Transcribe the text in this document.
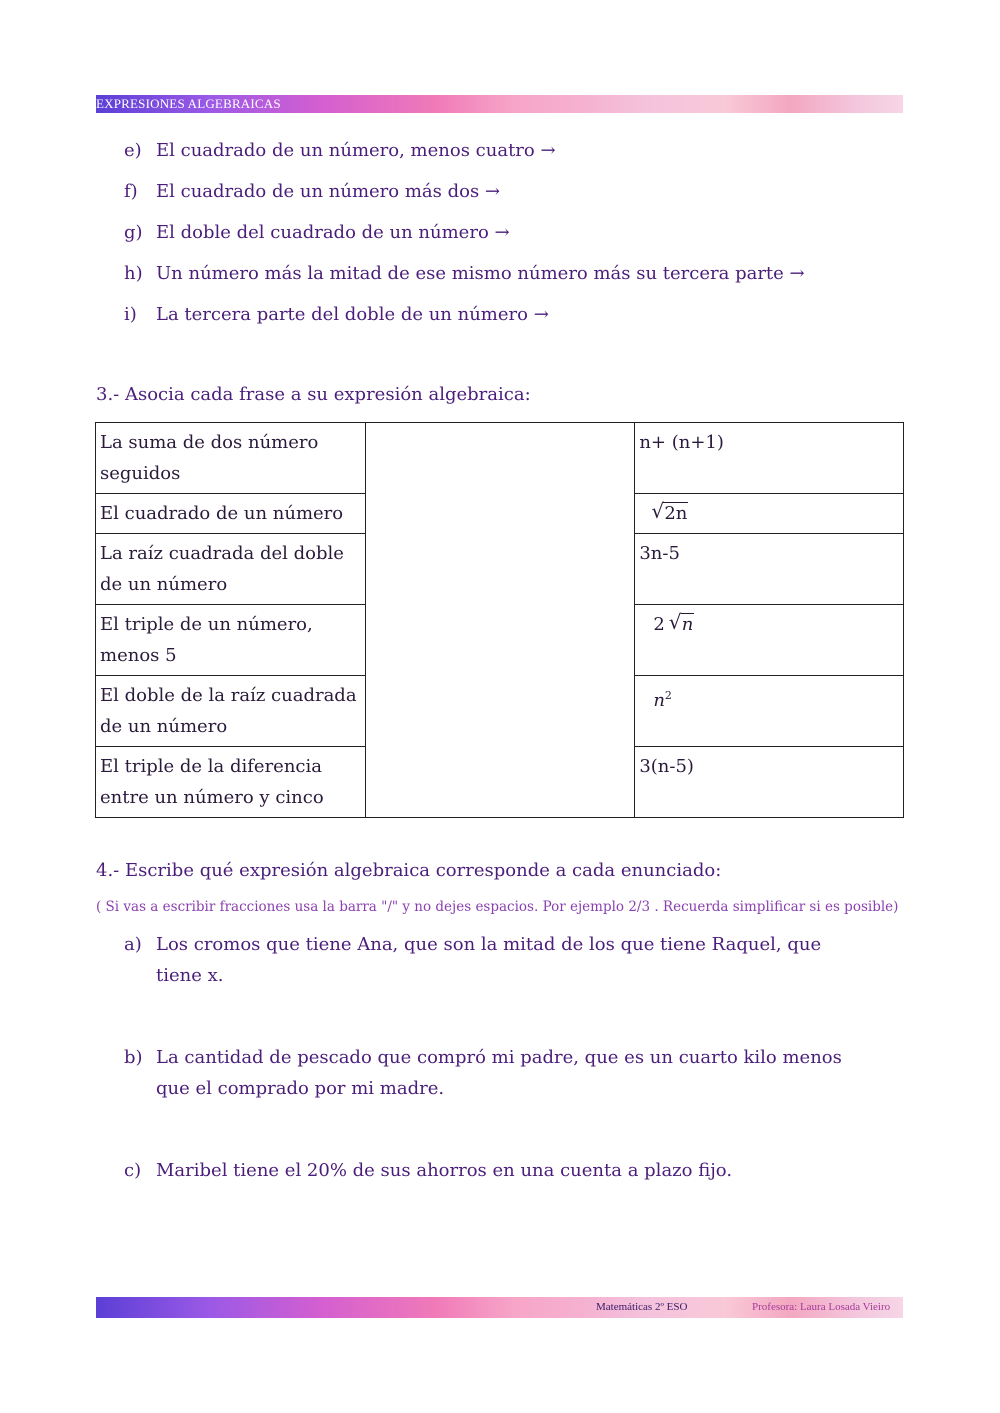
EXPRESIONES ALGEBRAICAS
e) El cuadrado de un número, menos cuatro →
f) El cuadrado de un número más dos →
g) El doble del cuadrado de un número →
h) Un número más la mitad de ese mismo número más su tercera parte →
i) La tercera parte del doble de un número →
3.- Asocia cada frase a su expresión algebraica:
La suma de dos número seguidos		n+ (n+1)
El cuadrado de un número		√ 2n
La raíz cuadrada del doble de un número		3n-5
El triple de un número, menos 5		2 √ n
El doble de la raíz cuadrada de un número		$n^2$
El triple de la diferencia entre un número y cinco		3(n-5)
4.- Escribe qué expresión algebraica corresponde a cada enunciado:
( Si vas a escribir fracciones usa la barra "/" y no dejes espacios. Por ejemplo 2/3 . Recuerda simplificar si es posible)
a) Los cromos que tiene Ana, que son la mitad de los que tiene Raquel, que tiene x.
b) La cantidad de pescado que compró mi padre, que es un cuarto kilo menos que el comprado por mi madre.
c) Maribel tiene el 20% de sus ahorros en una cuenta a plazo fijo.
Matemáticas 2º ESO	Profesora: Laura Losada Vieiro
